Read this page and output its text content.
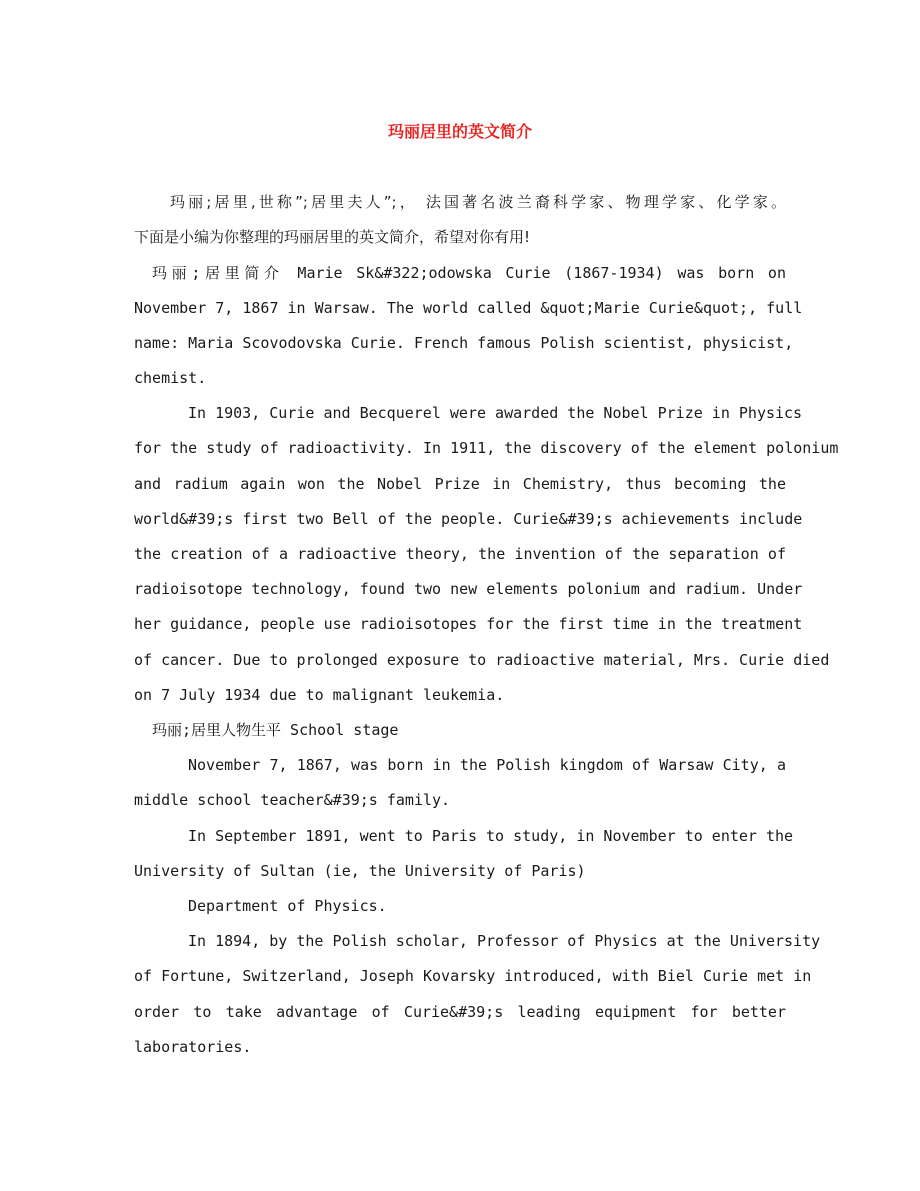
玛丽居里的英文简介

玛丽;居里,世称”;居里夫人”;， 法国著名波兰裔科学家、物理学家、化学家。

下面是小编为你整理的玛丽居里的英文简介，希望对你有用!

玛丽;居里简介 Marie Sk&#322;odowska Curie (1867-1934) was born on

November 7, 1867 in Warsaw. The world called &quot;Marie Curie&quot;, full

name: Maria Scovodovska Curie. French famous Polish scientist, physicist,

chemist.

In 1903, Curie and Becquerel were awarded the Nobel Prize in Physics

for the study of radioactivity. In 1911, the discovery of the element polonium

and radium again won the Nobel Prize in Chemistry, thus becoming the

world&#39;s first two Bell of the people. Curie&#39;s achievements include

the creation of a radioactive theory, the invention of the separation of

radioisotope technology, found two new elements polonium and radium. Under

her guidance, people use radioisotopes for the first time in the treatment

of cancer. Due to prolonged exposure to radioactive material, Mrs. Curie died

on 7 July 1934 due to malignant leukemia.

玛丽;居里人物生平 School stage

November 7, 1867, was born in the Polish kingdom of Warsaw City, a

middle school teacher&#39;s family.

In September 1891, went to Paris to study, in November to enter the

University of Sultan (ie, the University of Paris)

Department of Physics.

In 1894, by the Polish scholar, Professor of Physics at the University

of Fortune, Switzerland, Joseph Kovarsky introduced, with Biel Curie met in

order to take advantage of Curie&#39;s leading equipment for better

laboratories.
